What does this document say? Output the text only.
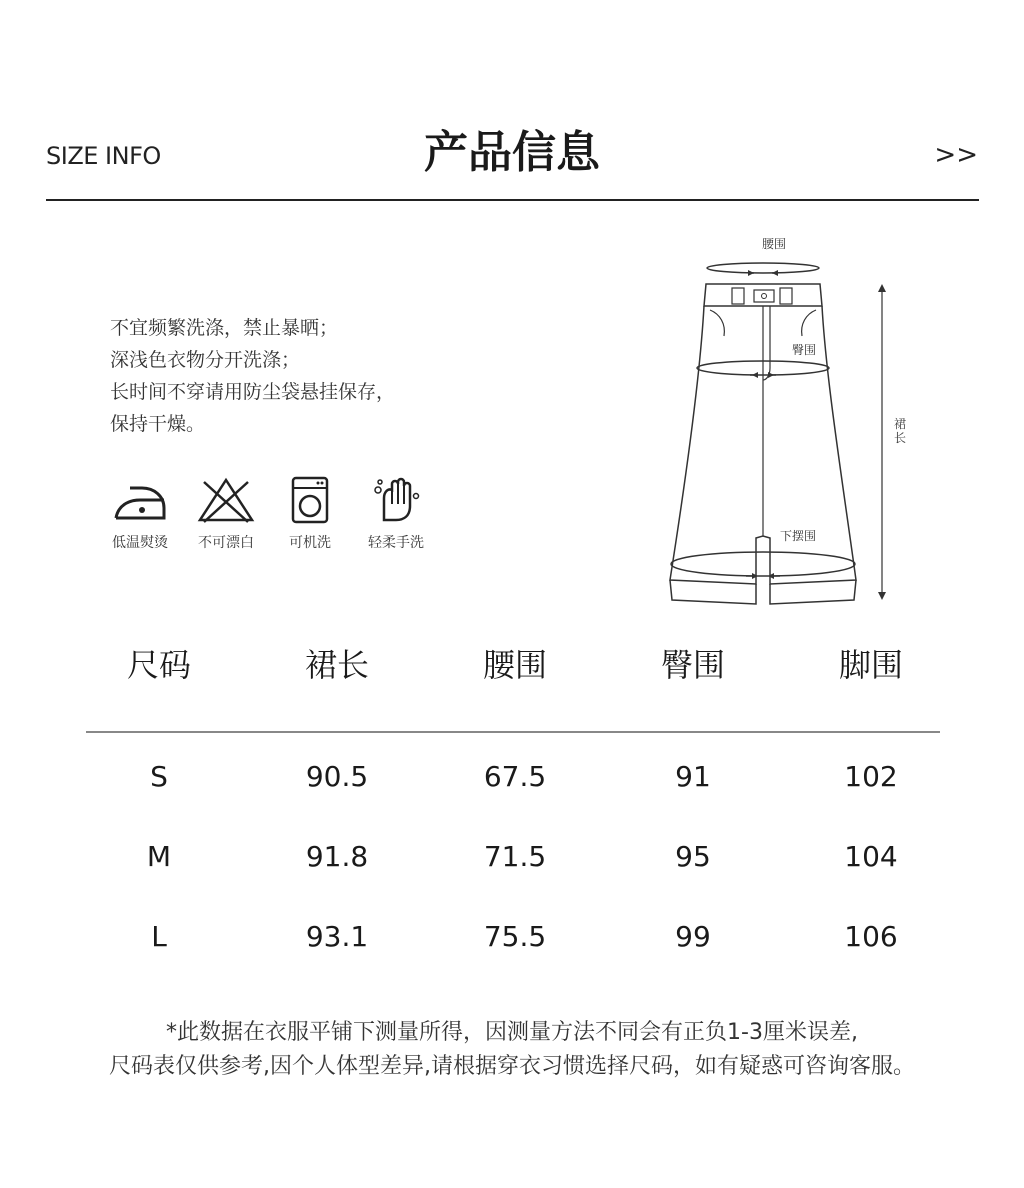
SIZE INFO	产品信息	>>
不宜频繁洗涤，禁止暴晒；
深浅色衣物分开洗涤；
长时间不穿请用防尘袋悬挂保存，
保持干燥。
低温熨烫	不可漂白	可机洗	轻柔手洗
腰围
臀围
下摆围
裙
长
尺码	裙长	腰围	臀围	脚围
S	90.5	67.5	91	102
M	91.8	71.5	95	104
L	93.1	75.5	99	106
*此数据在衣服平铺下测量所得，因测量方法不同会有正负1-3厘米误差,
尺码表仅供参考,因个人体型差异,请根据穿衣习惯选择尺码，如有疑惑可咨询客服。
